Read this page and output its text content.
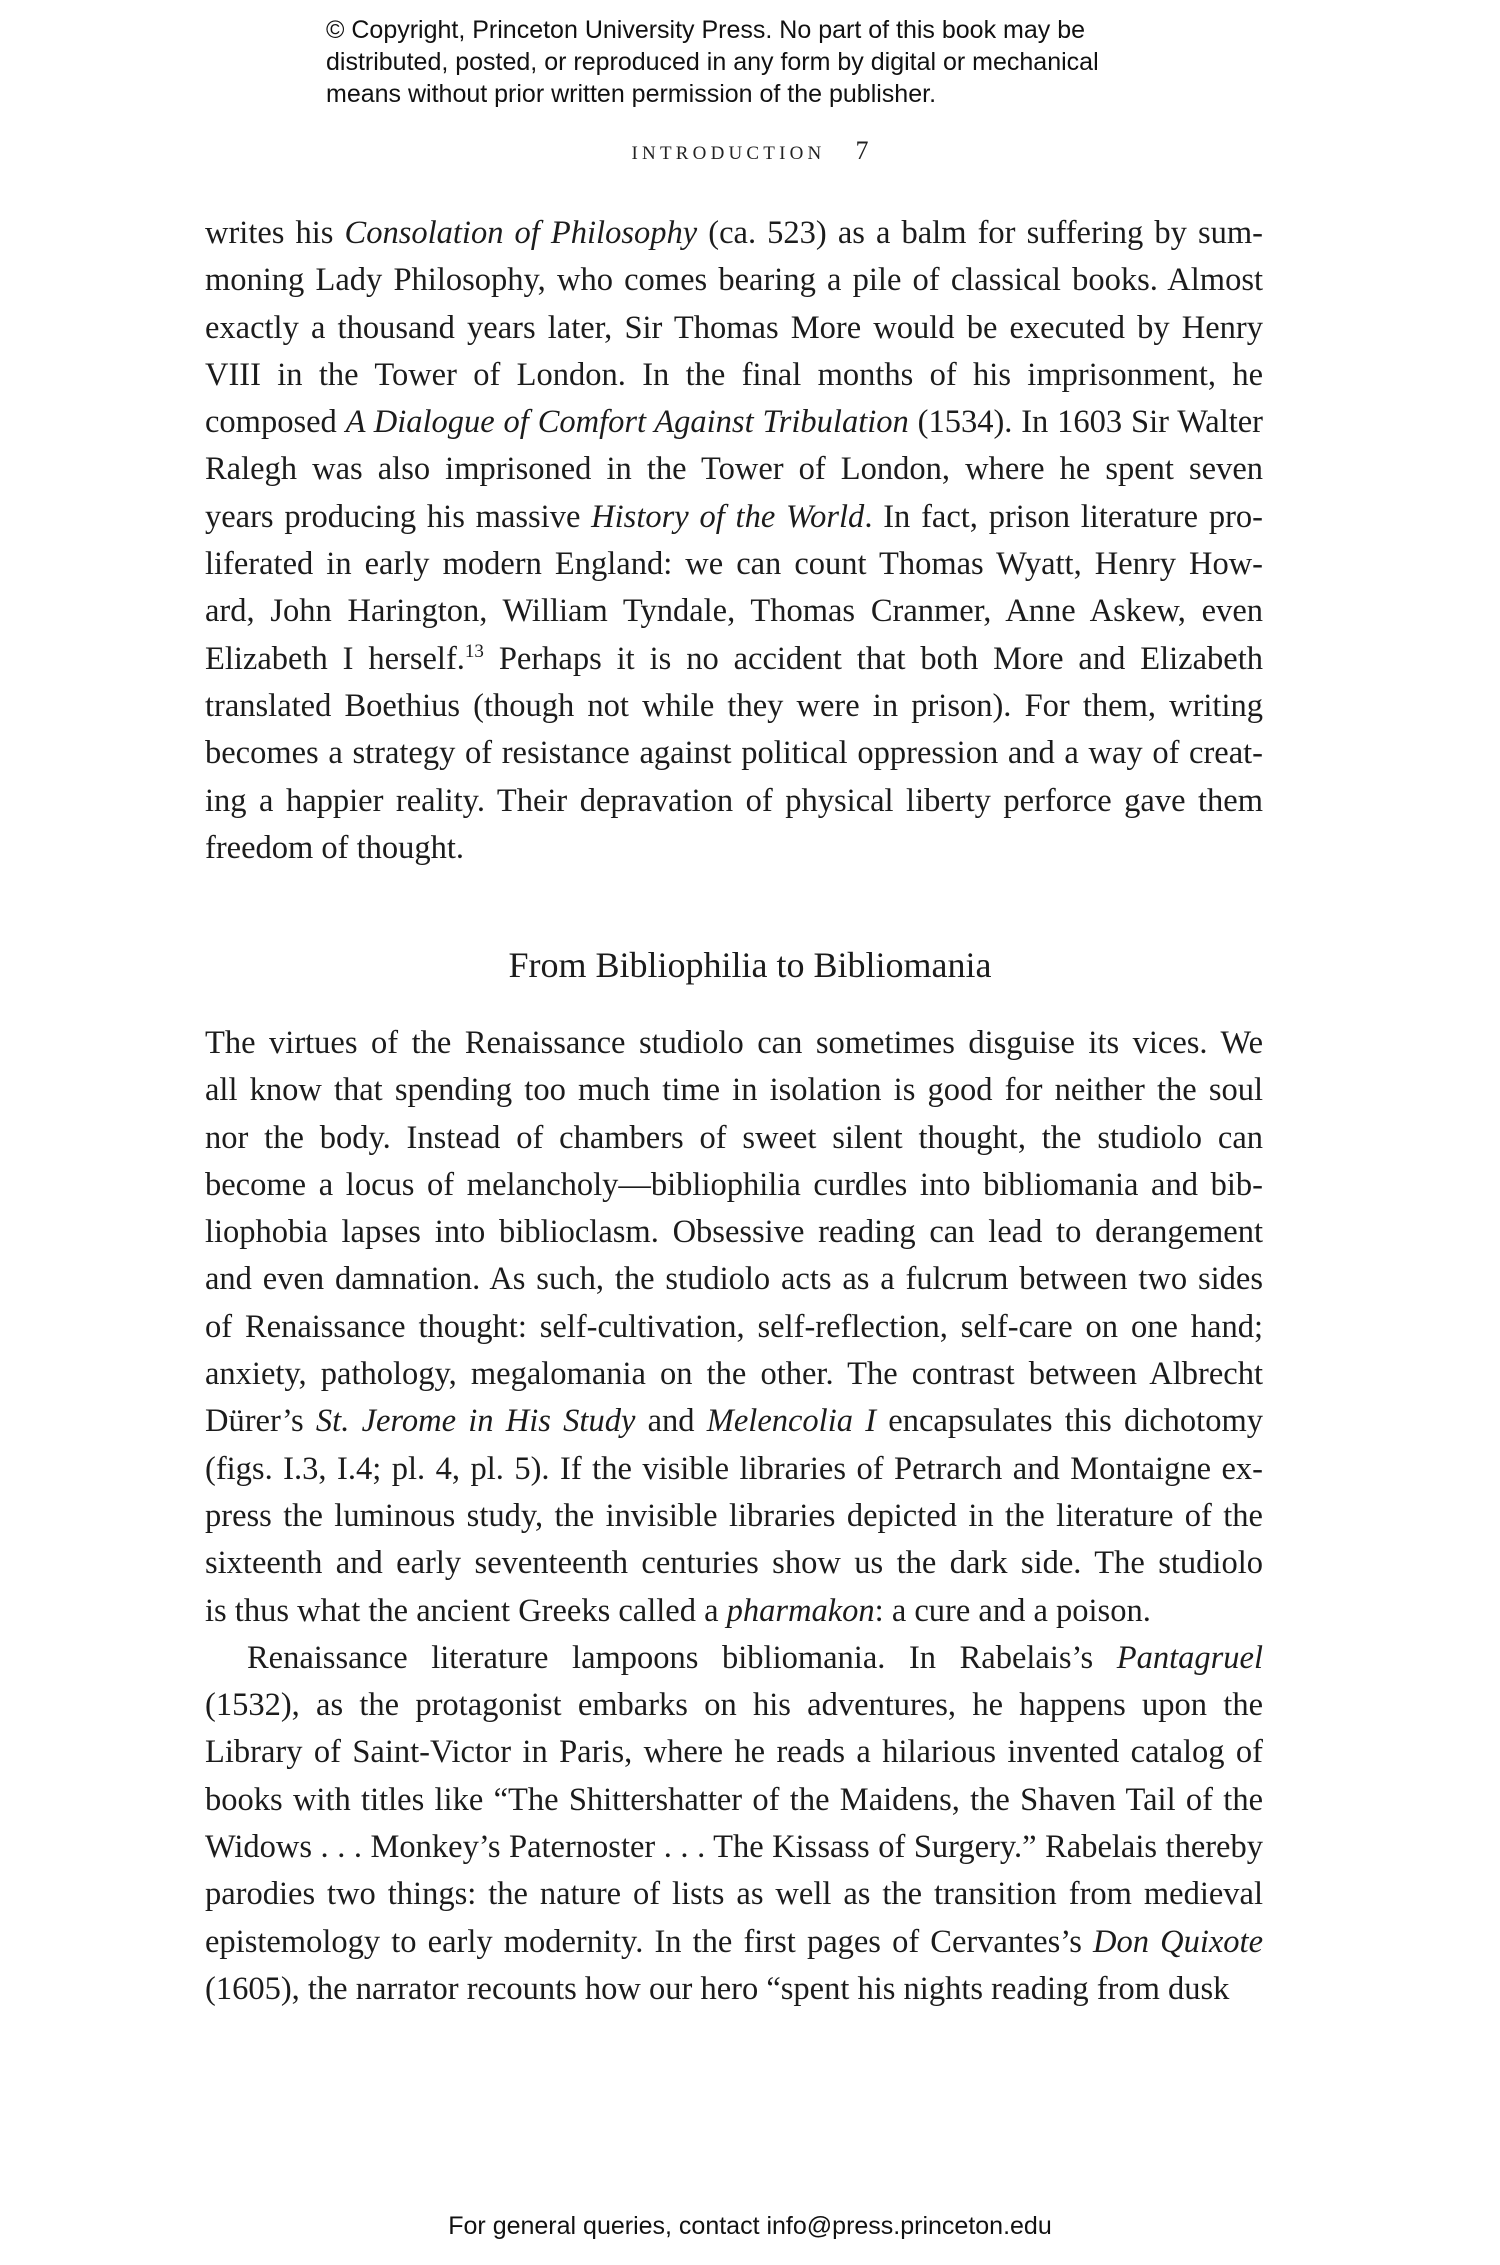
© Copyright, Princeton University Press. No part of this book may be
distributed, posted, or reproduced in any form by digital or mechanical
means without prior written permission of the publisher.
INTRODUCTION 7
writes his Consolation of Philosophy (ca. 523) as a balm for suffering by sum-
moning Lady Philosophy, who comes bearing a pile of classical books. Almost
exactly a thousand years later, Sir Thomas More would be executed by Henry
VIII in the Tower of London. In the final months of his imprisonment, he
composed A Dialogue of Comfort Against Tribulation (1534). In 1603 Sir Walter
Ralegh was also imprisoned in the Tower of London, where he spent seven
years producing his massive History of the World. In fact, prison literature pro-
liferated in early modern England: we can count Thomas Wyatt, Henry How-
ard, John Harington, William Tyndale, Thomas Cranmer, Anne Askew, even
Elizabeth I herself.$^{13}$ Perhaps it is no accident that both More and Elizabeth
translated Boethius (though not while they were in prison). For them, writing
becomes a strategy of resistance against political oppression and a way of creat-
ing a happier reality. Their depravation of physical liberty perforce gave them
freedom of thought.
From Bibliophilia to Bibliomania
The virtues of the Renaissance studiolo can sometimes disguise its vices. We
all know that spending too much time in isolation is good for neither the soul
nor the body. Instead of chambers of sweet silent thought, the studiolo can
become a locus of melancholy—bibliophilia curdles into bibliomania and bib-
liophobia lapses into biblioclasm. Obsessive reading can lead to derangement
and even damnation. As such, the studiolo acts as a fulcrum between two sides
of Renaissance thought: self-cultivation, self-reflection, self-care on one hand;
anxiety, pathology, megalomania on the other. The contrast between Albrecht
Dürer’s St. Jerome in His Study and Melencolia I encapsulates this dichotomy
(figs. I.3, I.4; pl. 4, pl. 5). If the visible libraries of Petrarch and Montaigne ex-
press the luminous study, the invisible libraries depicted in the literature of the
sixteenth and early seventeenth centuries show us the dark side. The studiolo
is thus what the ancient Greeks called a pharmakon: a cure and a poison.
Renaissance literature lampoons bibliomania. In Rabelais’s Pantagruel
(1532), as the protagonist embarks on his adventures, he happens upon the
Library of Saint-Victor in Paris, where he reads a hilarious invented catalog of
books with titles like “The Shittershatter of the Maidens, the Shaven Tail of the
Widows . . . Monkey’s Paternoster . . . The Kissass of Surgery.” Rabelais thereby
parodies two things: the nature of lists as well as the transition from medieval
epistemology to early modernity. In the first pages of Cervantes’s Don Quixote
(1605), the narrator recounts how our hero “spent his nights reading from dusk
For general queries, contact info@press.princeton.edu
